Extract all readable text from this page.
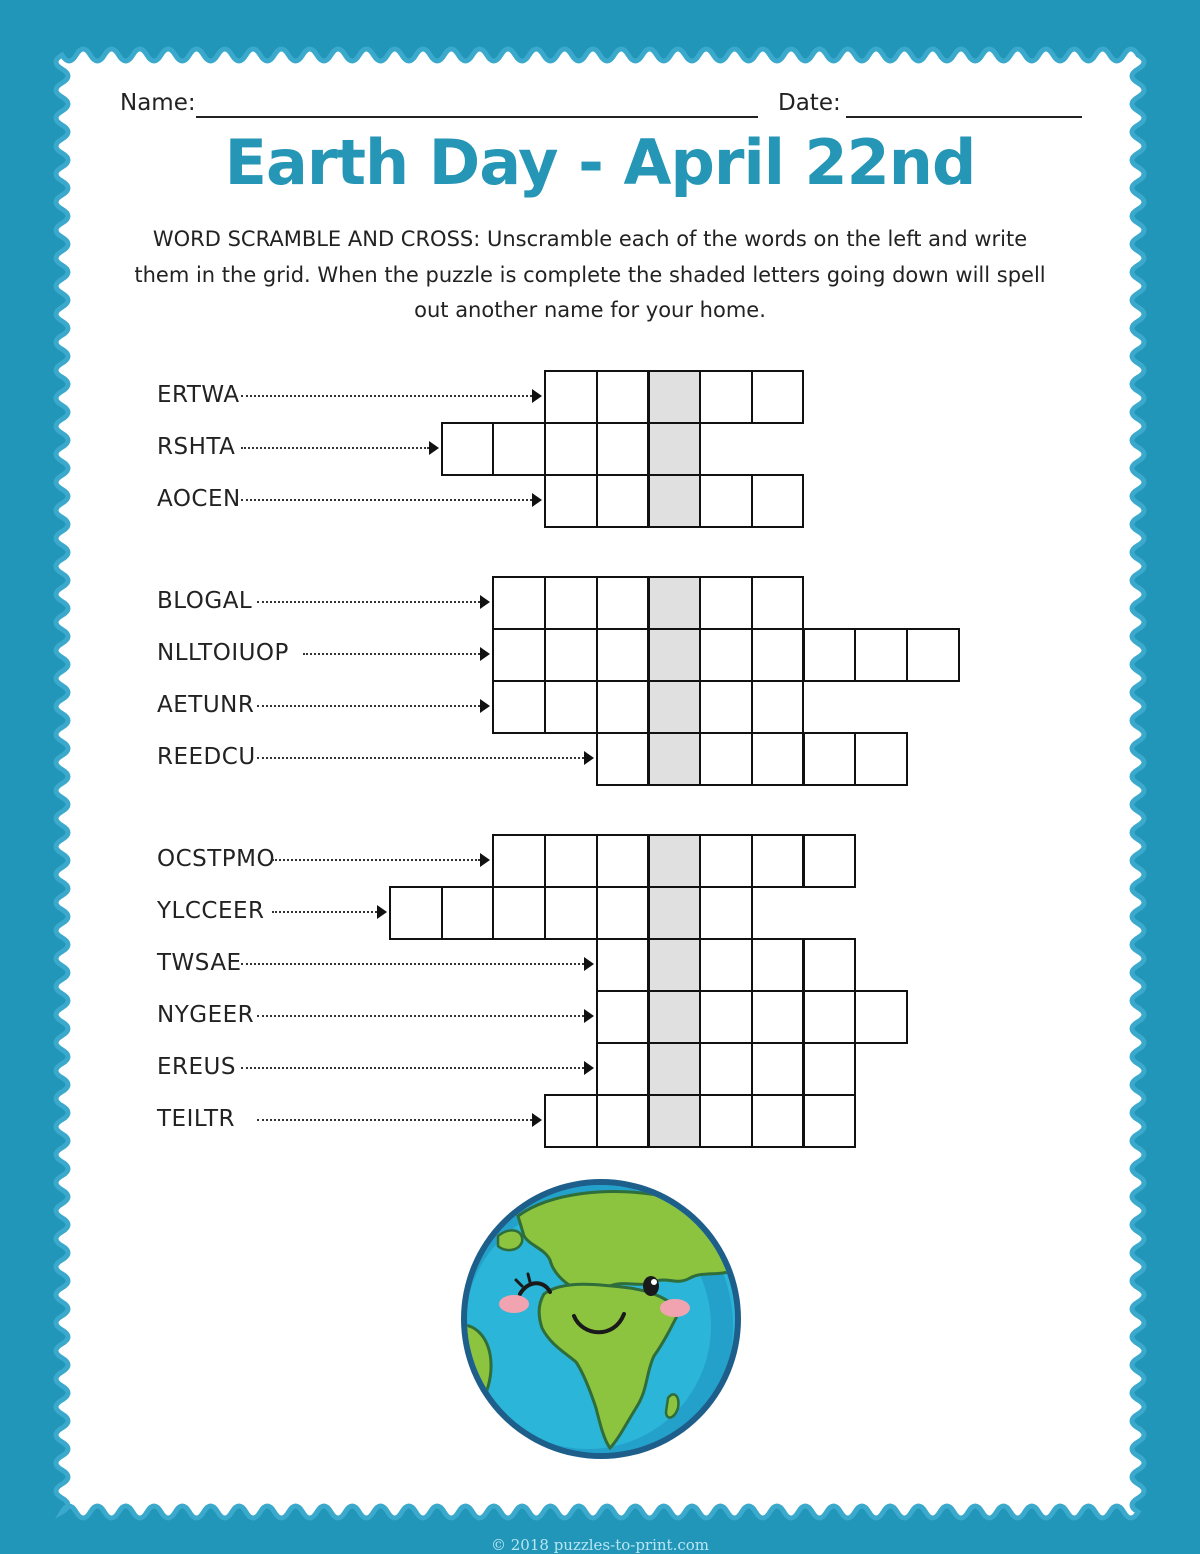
Name:	Date:
Earth Day - April 22nd
WORD SCRAMBLE AND CROSS: Unscramble each of the words on the left and write them in the grid. When the puzzle is complete the shaded letters going down will spell out another name for your home.
ERTWA
RSHTA
AOCEN
BLOGAL
NLLTOIUOP
AETUNR
REEDCU
OCSTPMO
YLCCEER
TWSAE
NYGEER
EREUS
TEILTR
© 2018 puzzles-to-print.com
